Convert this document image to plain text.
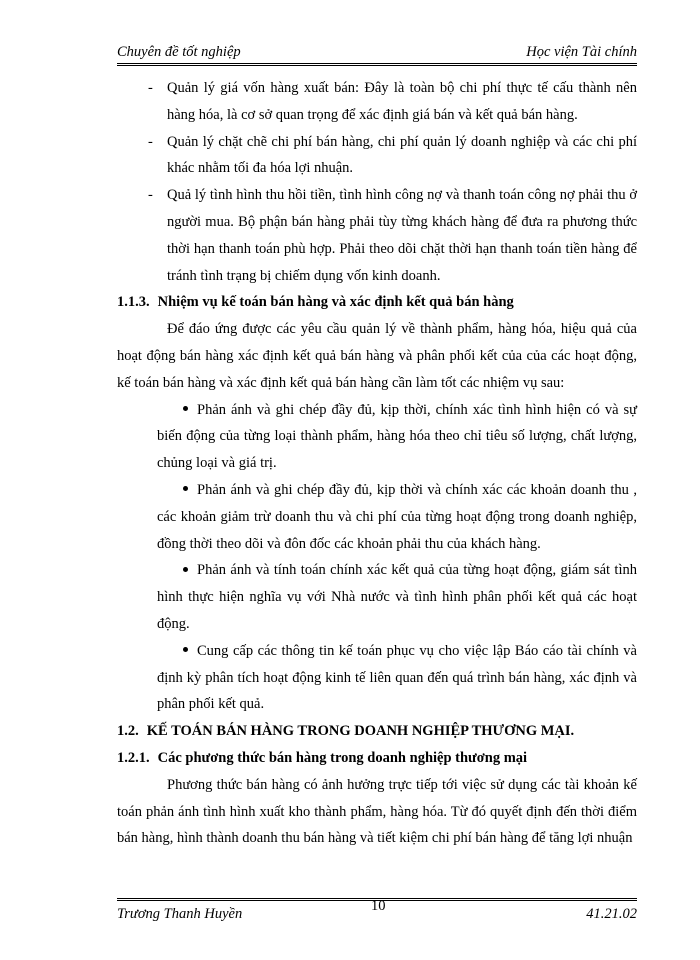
Chuyên đề tốt nghiệp	Học viện Tài chính
- Quản lý giá vốn hàng xuất bán: Đây là toàn bộ chi phí thực tế cấu thành nên hàng hóa, là cơ sở quan trọng để xác định giá bán và kết quả bán hàng.
- Quản lý chặt chẽ chi phí bán hàng, chi phí quản lý doanh nghiệp và các chi phí khác nhằm tối đa hóa lợi nhuận.
- Quả lý tình hình thu hồi tiền, tình hình công nợ và thanh toán công nợ phải thu ở người mua. Bộ phận bán hàng phải tùy từng khách hàng để đưa ra phương thức thời hạn thanh toán phù hợp. Phải theo dõi chặt thời hạn thanh toán tiền hàng để tránh tình trạng bị chiếm dụng vốn kinh doanh.
1.1.3. Nhiệm vụ kế toán bán hàng và xác định kết quả bán hàng
Để đáo ứng được các yêu cầu quản lý về thành phẩm, hàng hóa, hiệu quả của hoạt động bán hàng xác định kết quả bán hàng và phân phối kết của của các hoạt động, kế toán bán hàng và xác định kết quả bán hàng cần làm tốt các nhiệm vụ sau:
Phản ánh và ghi chép đầy đủ, kịp thời, chính xác tình hình hiện có và sự biến động của từng loại thành phẩm, hàng hóa theo chỉ tiêu số lượng, chất lượng, chủng loại và giá trị.
Phản ánh và ghi chép đầy đủ, kịp thời và chính xác các khoản doanh thu , các khoản giảm trừ doanh thu và chi phí của từng hoạt động trong doanh nghiệp, đồng thời theo dõi và đôn đốc các khoản phải thu của khách hàng.
Phản ánh và tính toán chính xác kết quả của từng hoạt động, giám sát tình hình thực hiện nghĩa vụ với Nhà nước và tình hình phân phối kết quả các hoạt động.
Cung cấp các thông tin kế toán phục vụ cho việc lập Báo cáo tài chính và định kỳ phân tích hoạt động kinh tế liên quan đến quá trình bán hàng, xác định và phân phối kết quả.
1.2. KẾ TOÁN BÁN HÀNG TRONG DOANH NGHIỆP THƯƠNG MẠI.
1.2.1. Các phương thức bán hàng trong doanh nghiệp thương mại
Phương thức bán hàng có ảnh hưởng trực tiếp tới việc sử dụng các tài khoản kế toán phản ánh tình hình xuất kho thành phẩm, hàng hóa. Từ đó quyết định đến thời điểm bán hàng, hình thành doanh thu bán hàng và tiết kiệm chi phí bán hàng để tăng lợi nhuận
Trương Thanh Huyền	10	41.21.02
